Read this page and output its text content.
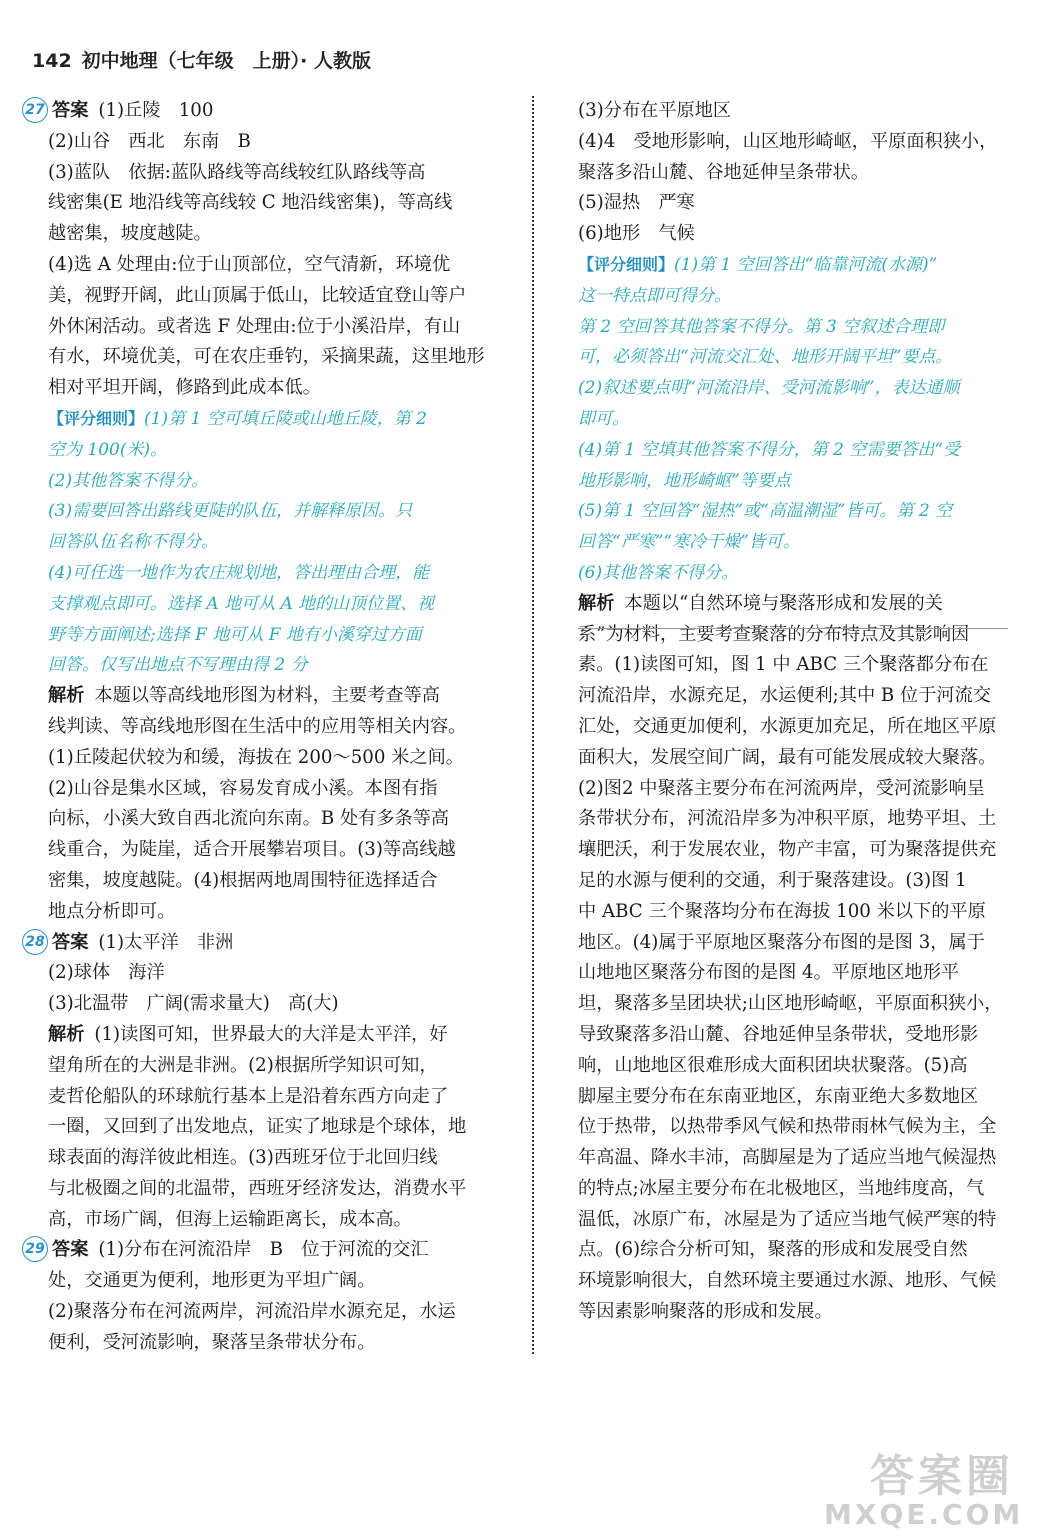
142 初中地理（七年级　上册）· 人教版
27 答案 (1)丘陵　100
(2)山谷　西北　东南　B
(3)蓝队　依据:蓝队路线等高线较红队路线等高
线密集(E 地沿线等高线较 C 地沿线密集)，等高线
越密集，坡度越陡。
(4)选 A 处理由:位于山顶部位，空气清新，环境优
美，视野开阔，此山顶属于低山，比较适宜登山等户
外休闲活动。或者选 F 处理由:位于小溪沿岸，有山
有水，环境优美，可在农庄垂钓，采摘果蔬，这里地形
相对平坦开阔，修路到此成本低。
【评分细则】(1)第 1 空可填丘陵或山地丘陵，第 2
空为 100(米)。
(2)其他答案不得分。
(3)需要回答出路线更陡的队伍，并解释原因。只
回答队伍名称不得分。
(4)可任选一地作为农庄规划地，答出理由合理，能
支撑观点即可。选择 A 地可从 A 地的山顶位置、视
野等方面阐述;选择 F 地可从 F 地有小溪穿过方面
回答。仅写出地点不写理由得 2 分
解析 本题以等高线地形图为材料，主要考查等高
线判读、等高线地形图在生活中的应用等相关内容。
(1)丘陵起伏较为和缓，海拔在 200～500 米之间。
(2)山谷是集水区域，容易发育成小溪。本图有指
向标，小溪大致自西北流向东南。B 处有多条等高
线重合，为陡崖，适合开展攀岩项目。(3)等高线越
密集，坡度越陡。(4)根据两地周围特征选择适合
地点分析即可。
28 答案 (1)太平洋　非洲
(2)球体　海洋
(3)北温带　广阔(需求量大)　高(大)
解析 (1)读图可知，世界最大的大洋是太平洋，好
望角所在的大洲是非洲。(2)根据所学知识可知，
麦哲伦船队的环球航行基本上是沿着东西方向走了
一圈，又回到了出发地点，证实了地球是个球体，地
球表面的海洋彼此相连。(3)西班牙位于北回归线
与北极圈之间的北温带，西班牙经济发达，消费水平
高，市场广阔，但海上运输距离长，成本高。
29 答案 (1)分布在河流沿岸　B　位于河流的交汇
处，交通更为便利，地形更为平坦广阔。
(2)聚落分布在河流两岸，河流沿岸水源充足，水运
便利，受河流影响，聚落呈条带状分布。
(3)分布在平原地区
(4)4　受地形影响，山区地形崎岖，平原面积狭小，
聚落多沿山麓、谷地延伸呈条带状。
(5)湿热　严寒
(6)地形　气候
【评分细则】(1)第 1 空回答出“临靠河流(水源)”
这一特点即可得分。
第 2 空回答其他答案不得分。第 3 空叙述合理即
可，必须答出“河流交汇处、地形开阔平坦”要点。
(2)叙述要点明“河流沿岸、受河流影响”，表达通顺
即可。
(4)第 1 空填其他答案不得分，第 2 空需要答出“受
地形影响，地形崎岖”等要点
(5)第 1 空回答“湿热”或“高温潮湿”皆可。第 2 空
回答“严寒”“寒冷干燥”皆可。
(6)其他答案不得分。
解析 本题以“自然环境与聚落形成和发展的关
系”为材料，主要考查聚落的分布特点及其影响因
素。(1)读图可知，图 1 中 ABC 三个聚落都分布在
河流沿岸，水源充足，水运便利;其中 B 位于河流交
汇处，交通更加便利，水源更加充足，所在地区平原
面积大，发展空间广阔，最有可能发展成较大聚落。
(2)图2 中聚落主要分布在河流两岸，受河流影响呈
条带状分布，河流沿岸多为冲积平原，地势平坦、土
壤肥沃，利于发展农业，物产丰富，可为聚落提供充
足的水源与便利的交通，利于聚落建设。(3)图 1
中 ABC 三个聚落均分布在海拔 100 米以下的平原
地区。(4)属于平原地区聚落分布图的是图 3，属于
山地地区聚落分布图的是图 4。平原地区地形平
坦，聚落多呈团块状;山区地形崎岖，平原面积狭小，
导致聚落多沿山麓、谷地延伸呈条带状，受地形影
响，山地地区很难形成大面积团块状聚落。(5)高
脚屋主要分布在东南亚地区，东南亚绝大多数地区
位于热带，以热带季风气候和热带雨林气候为主，全
年高温、降水丰沛，高脚屋是为了适应当地气候湿热
的特点;冰屋主要分布在北极地区，当地纬度高，气
温低，冰原广布，冰屋是为了适应当地气候严寒的特
点。(6)综合分析可知，聚落的形成和发展受自然
环境影响很大，自然环境主要通过水源、地形、气候
等因素影响聚落的形成和发展。
答案圈
MXQE.COM
